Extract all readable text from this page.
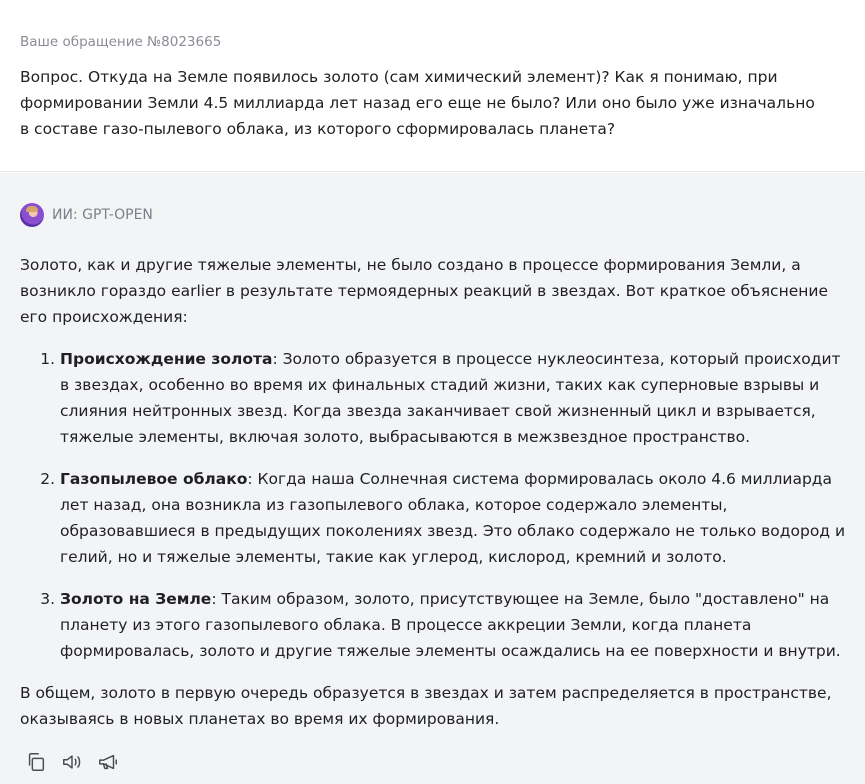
Ваше обращение №8023665

Вопрос. Откуда на Земле появилось золото (сам химический элемент)? Как я понимаю, при формировании Земли 4.5 миллиарда лет назад его еще не было? Или оно было уже изначально в составе газо-пылевого облака, из которого сформировалась планета?

ИИ: GPT-OPEN

Золото, как и другие тяжелые элементы, не было создано в процессе формирования Земли, а возникло гораздо earlier в результате термоядерных реакций в звездах. Вот краткое объяснение его происхождения:

1. Происхождение золота: Золото образуется в процессе нуклеосинтеза, который происходит в звездах, особенно во время их финальных стадий жизни, таких как суперновые взрывы и слияния нейтронных звезд. Когда звезда заканчивает свой жизненный цикл и взрывается, тяжелые элементы, включая золото, выбрасываются в межзвездное пространство.
2. Газопылевое облако: Когда наша Солнечная система формировалась около 4.6 миллиарда лет назад, она возникла из газопылевого облака, которое содержало элементы, образовавшиеся в предыдущих поколениях звезд. Это облако содержало не только водород и гелий, но и тяжелые элементы, такие как углерод, кислород, кремний и золото.
3. Золото на Земле: Таким образом, золото, присутствующее на Земле, было "доставлено" на планету из этого газопылевого облака. В процессе аккреции Земли, когда планета формировалась, золото и другие тяжелые элементы осаждались на ее поверхности и внутри.

В общем, золото в первую очередь образуется в звездах и затем распределяется в пространстве, оказываясь в новых планетах во время их формирования.
